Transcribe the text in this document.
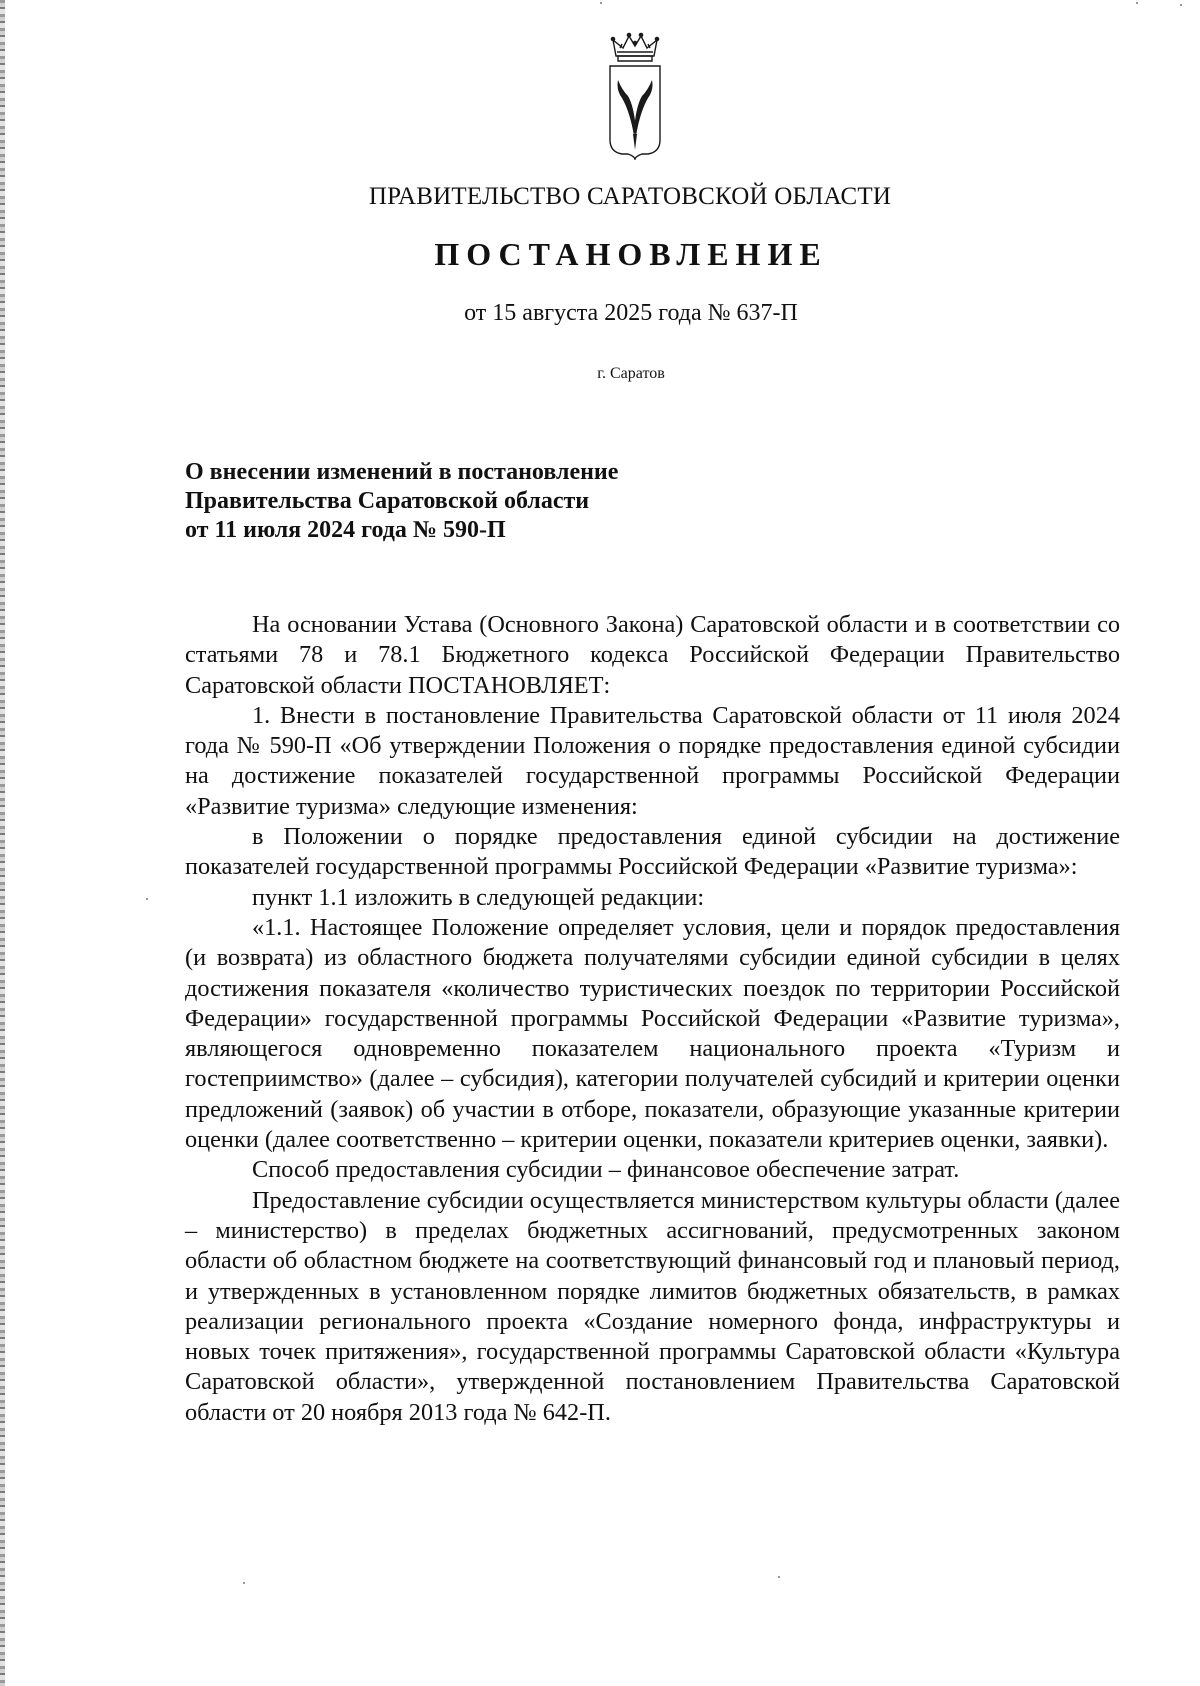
ПРАВИТЕЛЬСТВО САРАТОВСКОЙ ОБЛАСТИ
ПОСТАНОВЛЕНИЕ
от 15 августа 2025 года № 637-П
г. Саратов
О внесении изменений в постановление
Правительства Саратовской области
от 11 июля 2024 года № 590-П

На основании Устава (Основного Закона) Саратовской области и в соответствии со статьями 78 и 78.1 Бюджетного кодекса Российской Федерации Правительство Саратовской области ПОСТАНОВЛЯЕТ:

1. Внести в постановление Правительства Саратовской области от 11 июля 2024 года № 590-П «Об утверждении Положения о порядке предоставления единой субсидии на достижение показателей государственной программы Российской Федерации «Развитие туризма» следующие изменения:

в Положении о порядке предоставления единой субсидии на достижение показателей государственной программы Российской Федерации «Развитие туризма»:

пункт 1.1 изложить в следующей редакции:

«1.1. Настоящее Положение определяет условия, цели и порядок предоставления (и возврата) из областного бюджета получателями субсидии единой субсидии в целях достижения показателя «количество туристических поездок по территории Российской Федерации» государственной программы Российской Федерации «Развитие туризма», являющегося одновременно показателем национального проекта «Туризм и гостеприимство» (далее – субсидия), категории получателей субсидий и критерии оценки предложений (заявок) об участии в отборе, показатели, образующие указанные критерии оценки (далее соответственно – критерии оценки, показатели критериев оценки, заявки).

Способ предоставления субсидии – финансовое обеспечение затрат.

Предоставление субсидии осуществляется министерством культуры области (далее – министерство) в пределах бюджетных ассигнований, предусмотренных законом области об областном бюджете на соответствующий финансовый год и плановый период, и утвержденных в установленном порядке лимитов бюджетных обязательств, в рамках реализации регионального проекта «Создание номерного фонда, инфраструктуры и новых точек притяжения», государственной программы Саратовской области «Культура Саратовской области», утвержденной постановлением Правительства Саратовской области от 20 ноября 2013 года № 642-П.
